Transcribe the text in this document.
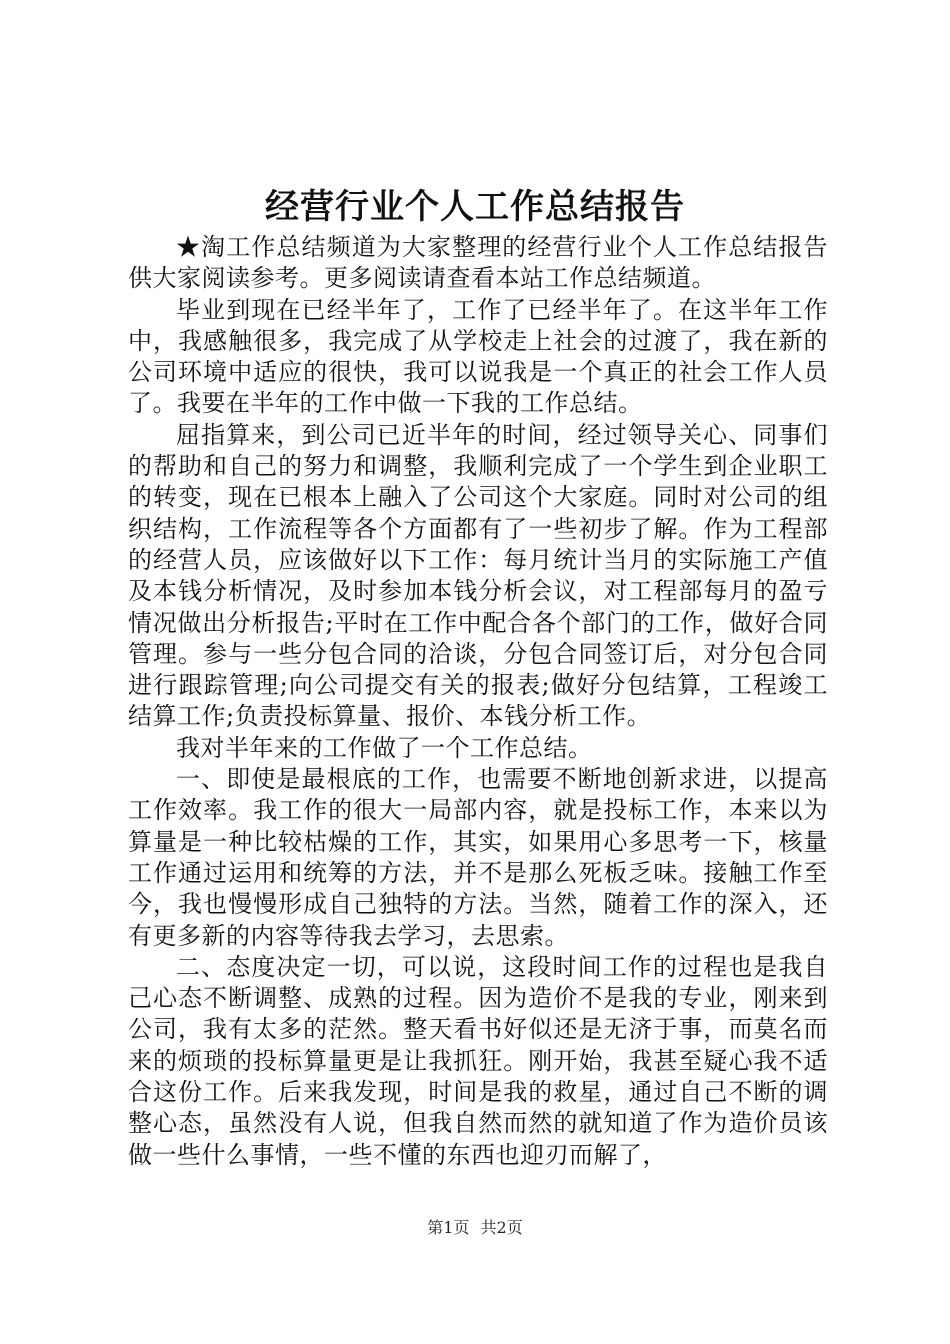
经营行业个人工作总结报告

★淘工作总结频道为大家整理的经营行业个人工作总结报告供大家阅读参考。更多阅读请查看本站工作总结频道。

毕业到现在已经半年了，工作了已经半年了。在这半年工作中，我感触很多，我完成了从学校走上社会的过渡了，我在新的公司环境中适应的很快，我可以说我是一个真正的社会工作人员了。我要在半年的工作中做一下我的工作总结。

屈指算来，到公司已近半年的时间，经过领导关心、同事们的帮助和自己的努力和调整，我顺利完成了一个学生到企业职工的转变，现在已根本上融入了公司这个大家庭。同时对公司的组织结构，工作流程等各个方面都有了一些初步了解。作为工程部的经营人员，应该做好以下工作：每月统计当月的实际施工产值及本钱分析情况，及时参加本钱分析会议，对工程部每月的盈亏情况做出分析报告;平时在工作中配合各个部门的工作，做好合同管理。参与一些分包合同的洽谈，分包合同签订后，对分包合同进行跟踪管理;向公司提交有关的报表;做好分包结算，工程竣工结算工作;负责投标算量、报价、本钱分析工作。

我对半年来的工作做了一个工作总结。

一、即使是最根底的工作，也需要不断地创新求进，以提高工作效率。我工作的很大一局部内容，就是投标工作，本来以为算量是一种比较枯燥的工作，其实，如果用心多思考一下，核量工作通过运用和统筹的方法，并不是那么死板乏味。接触工作至今，我也慢慢形成自己独特的方法。当然，随着工作的深入，还有更多新的内容等待我去学习，去思索。

二、态度决定一切，可以说，这段时间工作的过程也是我自己心态不断调整、成熟的过程。因为造价不是我的专业，刚来到公司，我有太多的茫然。整天看书好似还是无济于事，而莫名而来的烦琐的投标算量更是让我抓狂。刚开始，我甚至疑心我不适合这份工作。后来我发现，时间是我的救星，通过自己不断的调整心态，虽然没有人说，但我自然而然的就知道了作为造价员该做一些什么事情，一些不懂的东西也迎刃而解了，

第1页 共2页
